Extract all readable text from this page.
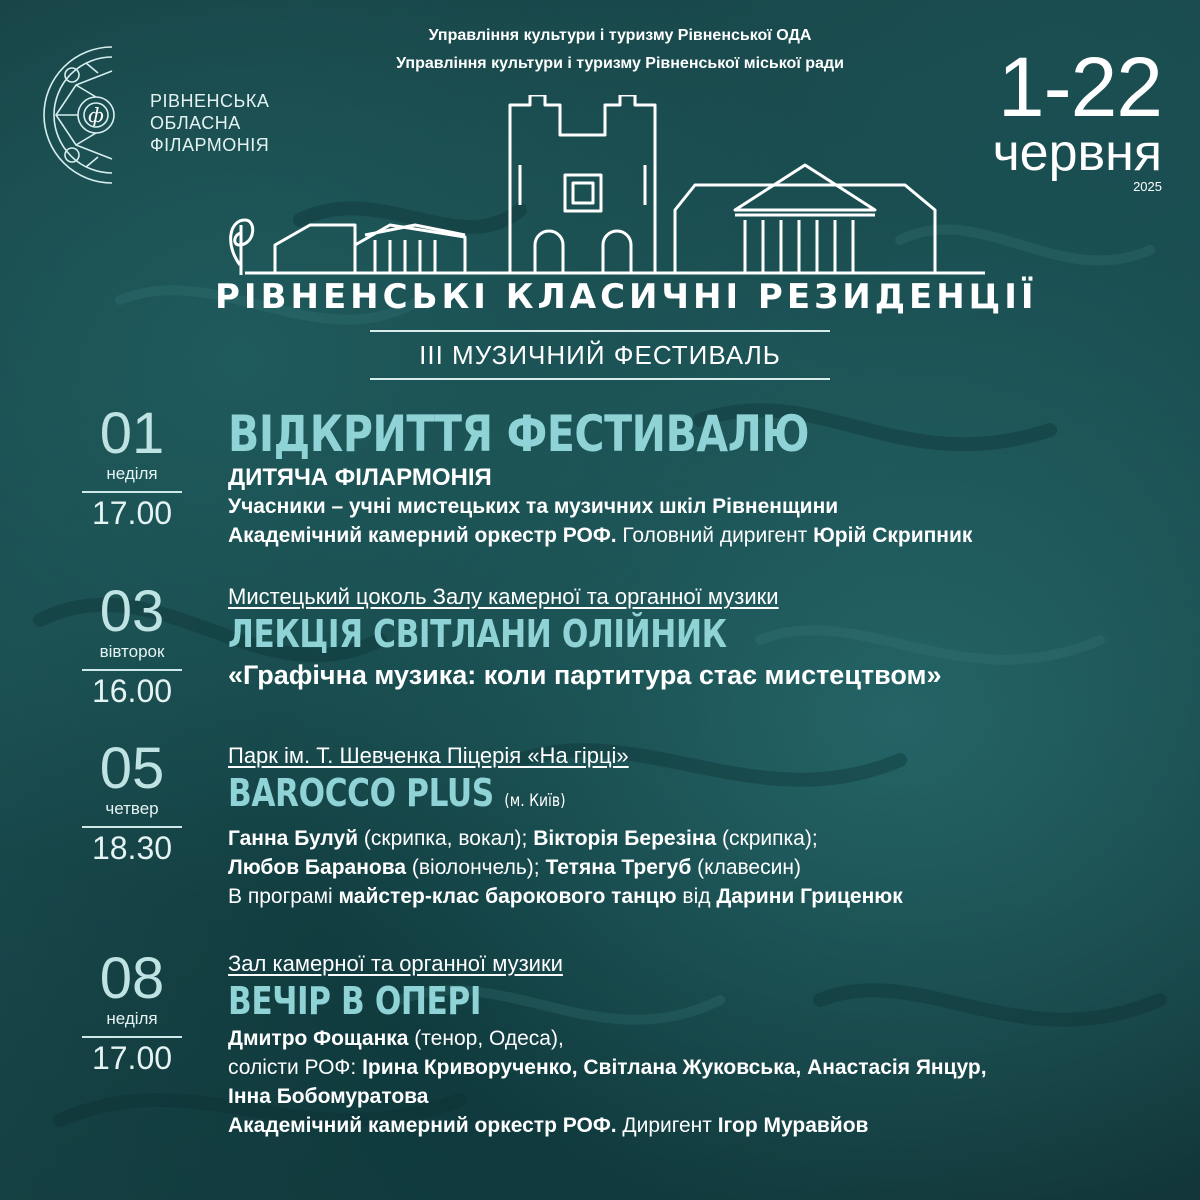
Управління культури і туризму Рівненської ОДА
Управління культури і туризму Рівненської міської ради
ф
РІВНЕНСЬКА
ОБЛАСНА
ФІЛАРМОНІЯ
1-22
червня
2025
РІВНЕНСЬКІ КЛАСИЧНІ РЕЗИДЕНЦІЇ
III МУЗИЧНИЙ ФЕСТИВАЛЬ
01
неділя
17.00
ВІДКРИТТЯ ФЕСТИВАЛЮ
ДИТЯЧА ФІЛАРМОНІЯ
Учасники – учні мистецьких та музичних шкіл Рівненщини
Академічний камерний оркестр РОФ. Головний диригент Юрій Скрипник
03
вівторок
16.00
Мистецький цоколь Залу камерної та органної музики
ЛЕКЦІЯ СВІТЛАНИ ОЛІЙНИК
«Графічна музика: коли партитура стає мистецтвом»
05
четвер
18.30
Парк ім. Т. Шевченка Піцерія «На гірці»
BAROCCO PLUS (м. Київ)
Ганна Булуй (скрипка, вокал); Вікторія Березіна (скрипка);
Любов Баранова (віолончель); Тетяна Трегуб (клавесин)
В програмі майстер-клас барокового танцю від Дарини Гриценюк
08
неділя
17.00
Зал камерної та органної музики
ВЕЧІР В ОПЕРІ
Дмитро Фощанка (тенор, Одеса),
солісти РОФ: Ірина Криворученко, Світлана Жуковська, Анастасія Янцур,
Інна Бобомуратова
Академічний камерний оркестр РОФ. Диригент Ігор Муравйов
